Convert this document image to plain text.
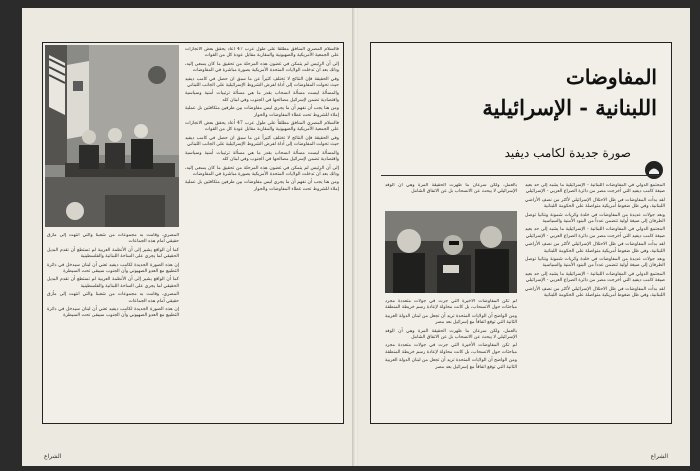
فالسلام المصري المنافق مطلقاً على طول عرب 47 أعاد يحقق بعض الانجازات على الجمعية الأمريكية والصهيونية والمقاربة مقابل عودة كل من القوات

إلى أن الرئيس لم يتمكن في غضون هذه المرحلة من تحقيق ما كان يسعى إليه، وذلك بعد أن تدخلت الولايات المتحدة الأمريكية بصورة مباشرة في المفاوضات

وفي الحقيقة فإن النتائج لا تختلف كثيراً عن ما سبق ان حصل في كامب ديفيد حيث تحولت المفاوضات إلى أداة لفرض الشروط الإسرائيلية على الجانب اللبناني

والمسألة ليست مسألة انسحاب بقدر ما هي مسألة ترتيبات أمنية وسياسية واقتصادية تضمن لإسرائيل مصالحها في الجنوب وفي لبنان كله

ومن هنا يجب أن نفهم أن ما يجري ليس مفاوضات بين طرفين متكافئين بل عملية إملاء للشروط تحت غطاء المفاوضات والحوار

فالسلام المصري المنافق مطلقاً على طول عرب 47 أعاد يحقق بعض الانجازات على الجمعية الأمريكية والصهيونية والمقاربة مقابل عودة كل من القوات

وفي الحقيقة فإن النتائج لا تختلف كثيراً عن ما سبق ان حصل في كامب ديفيد حيث تحولت المفاوضات إلى أداة لفرض الشروط الإسرائيلية على الجانب اللبناني

والمسألة ليست مسألة انسحاب بقدر ما هي مسألة ترتيبات أمنية وسياسية واقتصادية تضمن لإسرائيل مصالحها في الجنوب وفي لبنان كله

إلى أن الرئيس لم يتمكن في غضون هذه المرحلة من تحقيق ما كان يسعى إليه، وذلك بعد أن تدخلت الولايات المتحدة الأمريكية بصورة مباشرة في المفاوضات

ومن هنا يجب أن نفهم أن ما يجري ليس مفاوضات بين طرفين متكافئين بل عملية إملاء للشروط تحت غطاء المفاوضات والحوار

المصري، وقامت به مجموعات من شعبنا والتي انتهت إلى مأزق حقيقي أمام هذه الجماعات

كما أن الواقع يشير إلى أن الأنظمة العربية لم تستطع أن تقدم البديل الحقيقي لما يجري على الساحة اللبنانية والفلسطينية

إن هذه الصورة الجديدة لكامب ديفيد تعني أن لبنان سيدخل في دائرة التطبيع مع العدو الصهيوني وأن الجنوب سيبقى تحت السيطرة

كما أن الواقع يشير إلى أن الأنظمة العربية لم تستطع أن تقدم البديل الحقيقي لما يجري على الساحة اللبنانية والفلسطينية

المصري، وقامت به مجموعات من شعبنا والتي انتهت إلى مأزق حقيقي أمام هذه الجماعات

إن هذه الصورة الجديدة لكامب ديفيد تعني أن لبنان سيدخل في دائرة التطبيع مع العدو الصهيوني وأن الجنوب سيبقى تحت السيطرة

الشراع
المفاوضات
اللبنانية - الإسرائيلية
صورة جديدة لكامب ديفيد

بالعمل، ولكن سرعان ما ظهرت الحقيقة المرة وهي أن الوفد الإسرائيلي لا يبحث عن الانسحاب بل عن الاتفاق الشامل

لم تكن المفاوضات الأخيرة التي جرت في جولات متعددة مجرد مباحثات حول الانسحاب، بل كانت محاولة لإعادة رسم خريطة المنطقة

ومن الواضح أن الولايات المتحدة تريد أن تجعل من لبنان الدولة العربية الثانية التي توقع اتفاقاً مع إسرائيل بعد مصر

بالعمل، ولكن سرعان ما ظهرت الحقيقة المرة وهي أن الوفد الإسرائيلي لا يبحث عن الانسحاب بل عن الاتفاق الشامل

لم تكن المفاوضات الأخيرة التي جرت في جولات متعددة مجرد مباحثات حول الانسحاب، بل كانت محاولة لإعادة رسم خريطة المنطقة

ومن الواضح أن الولايات المتحدة تريد أن تجعل من لبنان الدولة العربية الثانية التي توقع اتفاقاً مع إسرائيل بعد مصر

المجتمع الدولي في المفاوضات اللبنانية - الإسرائيلية ما يشبه إلى حد بعيد صيغة كامب ديفيد التي أخرجت مصر من دائرة الصراع العربي - الإسرائيلي

لقد بدأت المفاوضات في ظل الاحتلال الإسرائيلي لأكثر من نصف الأراضي اللبنانية، وفي ظل ضغوط أمريكية متواصلة على الحكومة اللبنانية

وبعد جولات عديدة من المفاوضات في خلدة وكريات شمونة ونتانيا توصل الطرفان إلى صيغة أولية تتضمن عدداً من البنود الأمنية والسياسية

المجتمع الدولي في المفاوضات اللبنانية - الإسرائيلية ما يشبه إلى حد بعيد صيغة كامب ديفيد التي أخرجت مصر من دائرة الصراع العربي - الإسرائيلي

لقد بدأت المفاوضات في ظل الاحتلال الإسرائيلي لأكثر من نصف الأراضي اللبنانية، وفي ظل ضغوط أمريكية متواصلة على الحكومة اللبنانية

وبعد جولات عديدة من المفاوضات في خلدة وكريات شمونة ونتانيا توصل الطرفان إلى صيغة أولية تتضمن عدداً من البنود الأمنية والسياسية

المجتمع الدولي في المفاوضات اللبنانية - الإسرائيلية ما يشبه إلى حد بعيد صيغة كامب ديفيد التي أخرجت مصر من دائرة الصراع العربي - الإسرائيلي

لقد بدأت المفاوضات في ظل الاحتلال الإسرائيلي لأكثر من نصف الأراضي اللبنانية، وفي ظل ضغوط أمريكية متواصلة على الحكومة اللبنانية

الشراع
